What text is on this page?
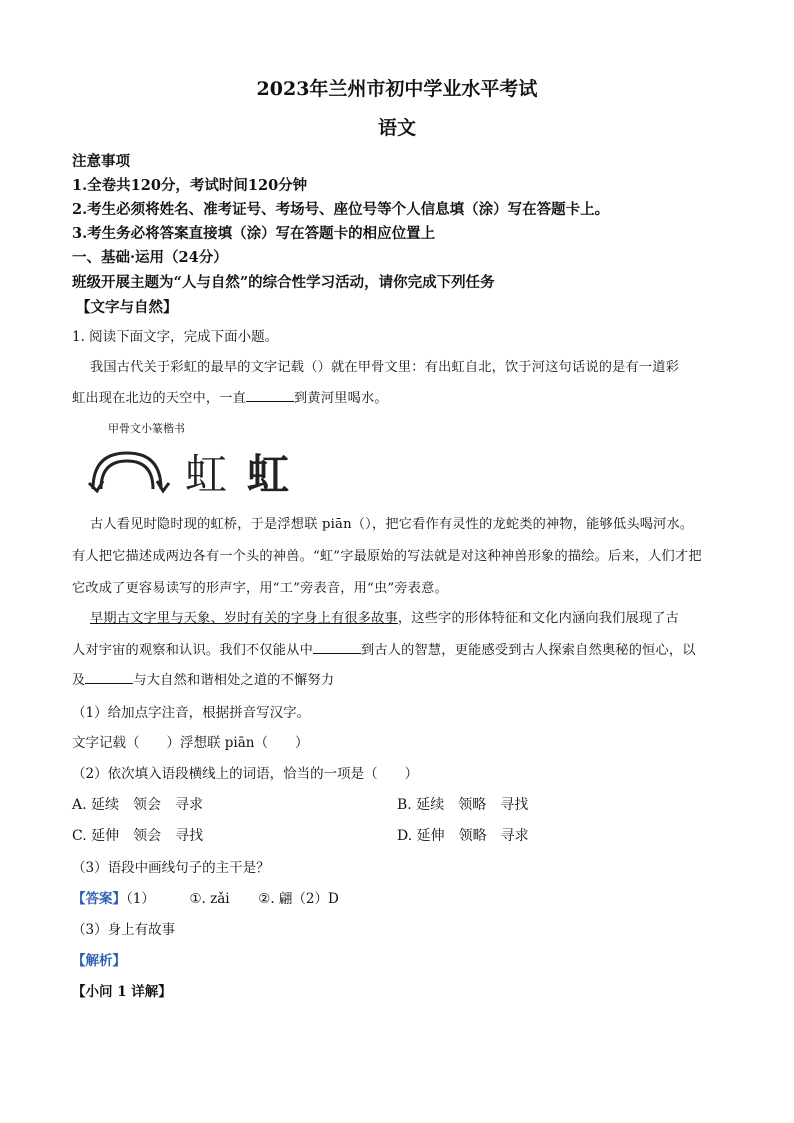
2023年兰州市初中学业水平考试
语文
注意事项
1.全卷共120分，考试时间120分钟
2.考生必须将姓名、准考证号、考场号、座位号等个人信息填（涂）写在答题卡上。
3.考生务必将答案直接填（涂）写在答题卡的相应位置上
一、基础·运用（24分）
班级开展主题为“人与自然”的综合性学习活动，请你完成下列任务
【文字与自然】
1. 阅读下面文字，完成下面小题。
我国古代关于彩虹的最早的文字记载（）就在甲骨文里：有出虹自北，饮于河这句话说的是有一道彩
虹出现在北边的天空中，一直	到黄河里喝水。
甲骨文小篆楷书
虹 虹
古人看见时隐时现的虹桥，于是浮想联 piān（），把它看作有灵性的龙蛇类的神物，能够低头喝河水。
有人把它描述成两边各有一个头的神兽。“虹”字最原始的写法就是对这种神兽形象的描绘。后来，人们才把
它改成了更容易读写的形声字，用“工”旁表音，用“虫”旁表意。
早期古文字里与天象、岁时有关的字身上有很多故事，这些字的形体特征和文化内涵向我们展现了古
人对宇宙的观察和认识。我们不仅能从中	到古人的智慧，更能感受到古人探索自然奥秘的恒心，以
及	与大自然和谐相处之道的不懈努力
（1）给加点字注音，根据拼音写汉字。
文字记载（　　）浮想联 piān（　　）
（2）依次填入语段横线上的词语，恰当的一项是（　　）
A. 延续　领会　寻求	B. 延续　领略　寻找
C. 延伸　领会　寻找	D. 延伸　领略　寻求
（3）语段中画线句子的主干是？
【答案】（1）	①. zǎi ②. 翩（2）D
（3）身上有故事
【解析】
【小问 1 详解】
